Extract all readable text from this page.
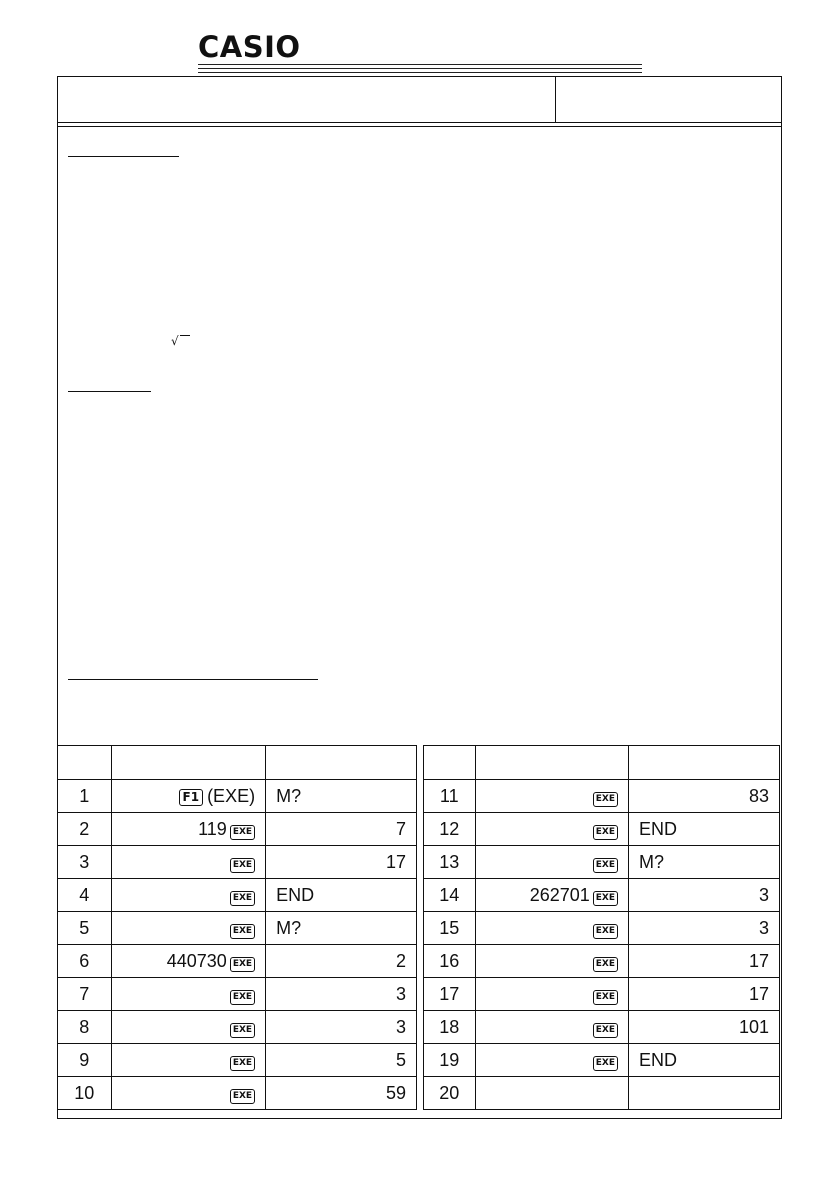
CASIO
√

1	F1 (EXE)	M?		11	EXE	83
2	119 EXE	7		12	EXE	END
3	EXE	17		13	EXE	M?
4	EXE	END		14	262701 EXE	3
5	EXE	M?		15	EXE	3
6	440730 EXE	2		16	EXE	17
7	EXE	3		17	EXE	17
8	EXE	3		18	EXE	101
9	EXE	5		19	EXE	END
10	EXE	59		20		
